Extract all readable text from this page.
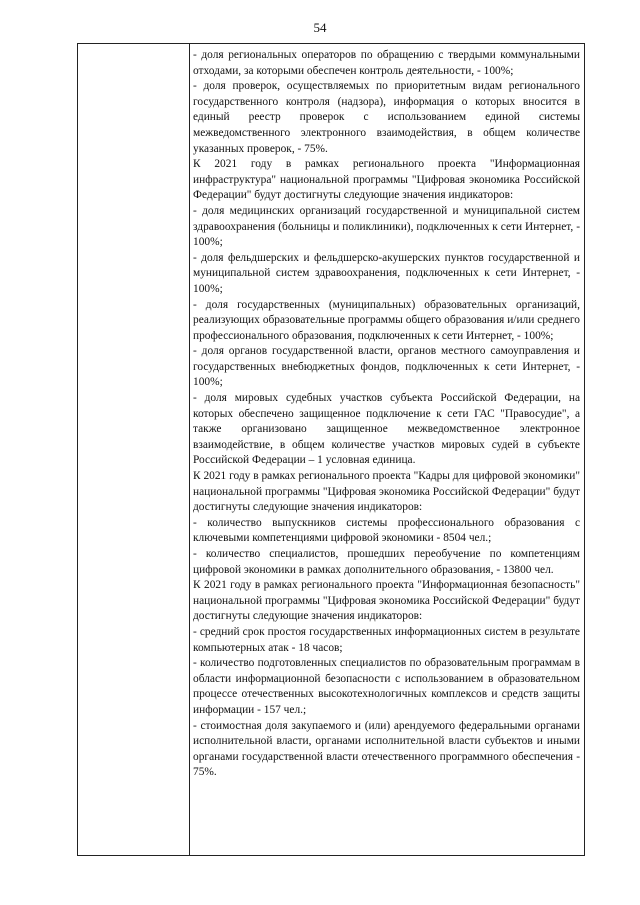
54

- доля региональных операторов по обращению с твердыми коммунальными отходами, за которыми обеспечен контроль деятельности, - 100%;

- доля проверок, осуществляемых по приоритетным видам регионального государственного контроля (надзора), информация о которых вносится в единый реестр проверок с использованием единой системы межведомственного электронного взаимодействия, в общем количестве указанных проверок, - 75%.

К 2021 году в рамках регионального проекта "Информационная инфраструктура" национальной программы "Цифровая экономика Российской Федерации" будут достигнуты следующие значения индикаторов:

- доля медицинских организаций государственной и муниципальной систем здравоохранения (больницы и поликлиники), подключенных к сети Интернет, - 100%;

- доля фельдшерских и фельдшерско-акушерских пунктов государственной и муниципальной систем здравоохранения, подключенных к сети Интернет, - 100%;

- доля государственных (муниципальных) образовательных организаций, реализующих образовательные программы общего образования и/или среднего профессионального образования, подключенных к сети Интернет, - 100%;

- доля органов государственной власти, органов местного самоуправления и государственных внебюджетных фондов, подключенных к сети Интернет, - 100%;

- доля мировых судебных участков субъекта Российской Федерации, на которых обеспечено защищенное подключение к сети ГАС "Правосудие", а также организовано защищенное межведомственное электронное взаимодействие, в общем количестве участков мировых судей в субъекте Российской Федерации – 1 условная единица.

К 2021 году в рамках регионального проекта "Кадры для цифровой экономики" национальной программы "Цифровая экономика Российской Федерации" будут достигнуты следующие значения индикаторов:

- количество выпускников системы профессионального образования с ключевыми компетенциями цифровой экономики - 8504 чел.;

- количество специалистов, прошедших переобучение по компетенциям цифровой экономики в рамках дополнительного образования, - 13800 чел.

К 2021 году в рамках регионального проекта "Информационная безопасность" национальной программы "Цифровая экономика Российской Федерации" будут достигнуты следующие значения индикаторов:

- средний срок простоя государственных информационных систем в результате компьютерных атак - 18 часов;

- количество подготовленных специалистов по образовательным программам в области информационной безопасности с использованием в образовательном процессе отечественных высокотехнологичных комплексов и средств защиты информации - 157 чел.;

- стоимостная доля закупаемого и (или) арендуемого федеральными органами исполнительной власти, органами исполнительной власти субъектов и иными органами государственной власти отечественного программного обеспечения - 75%.
